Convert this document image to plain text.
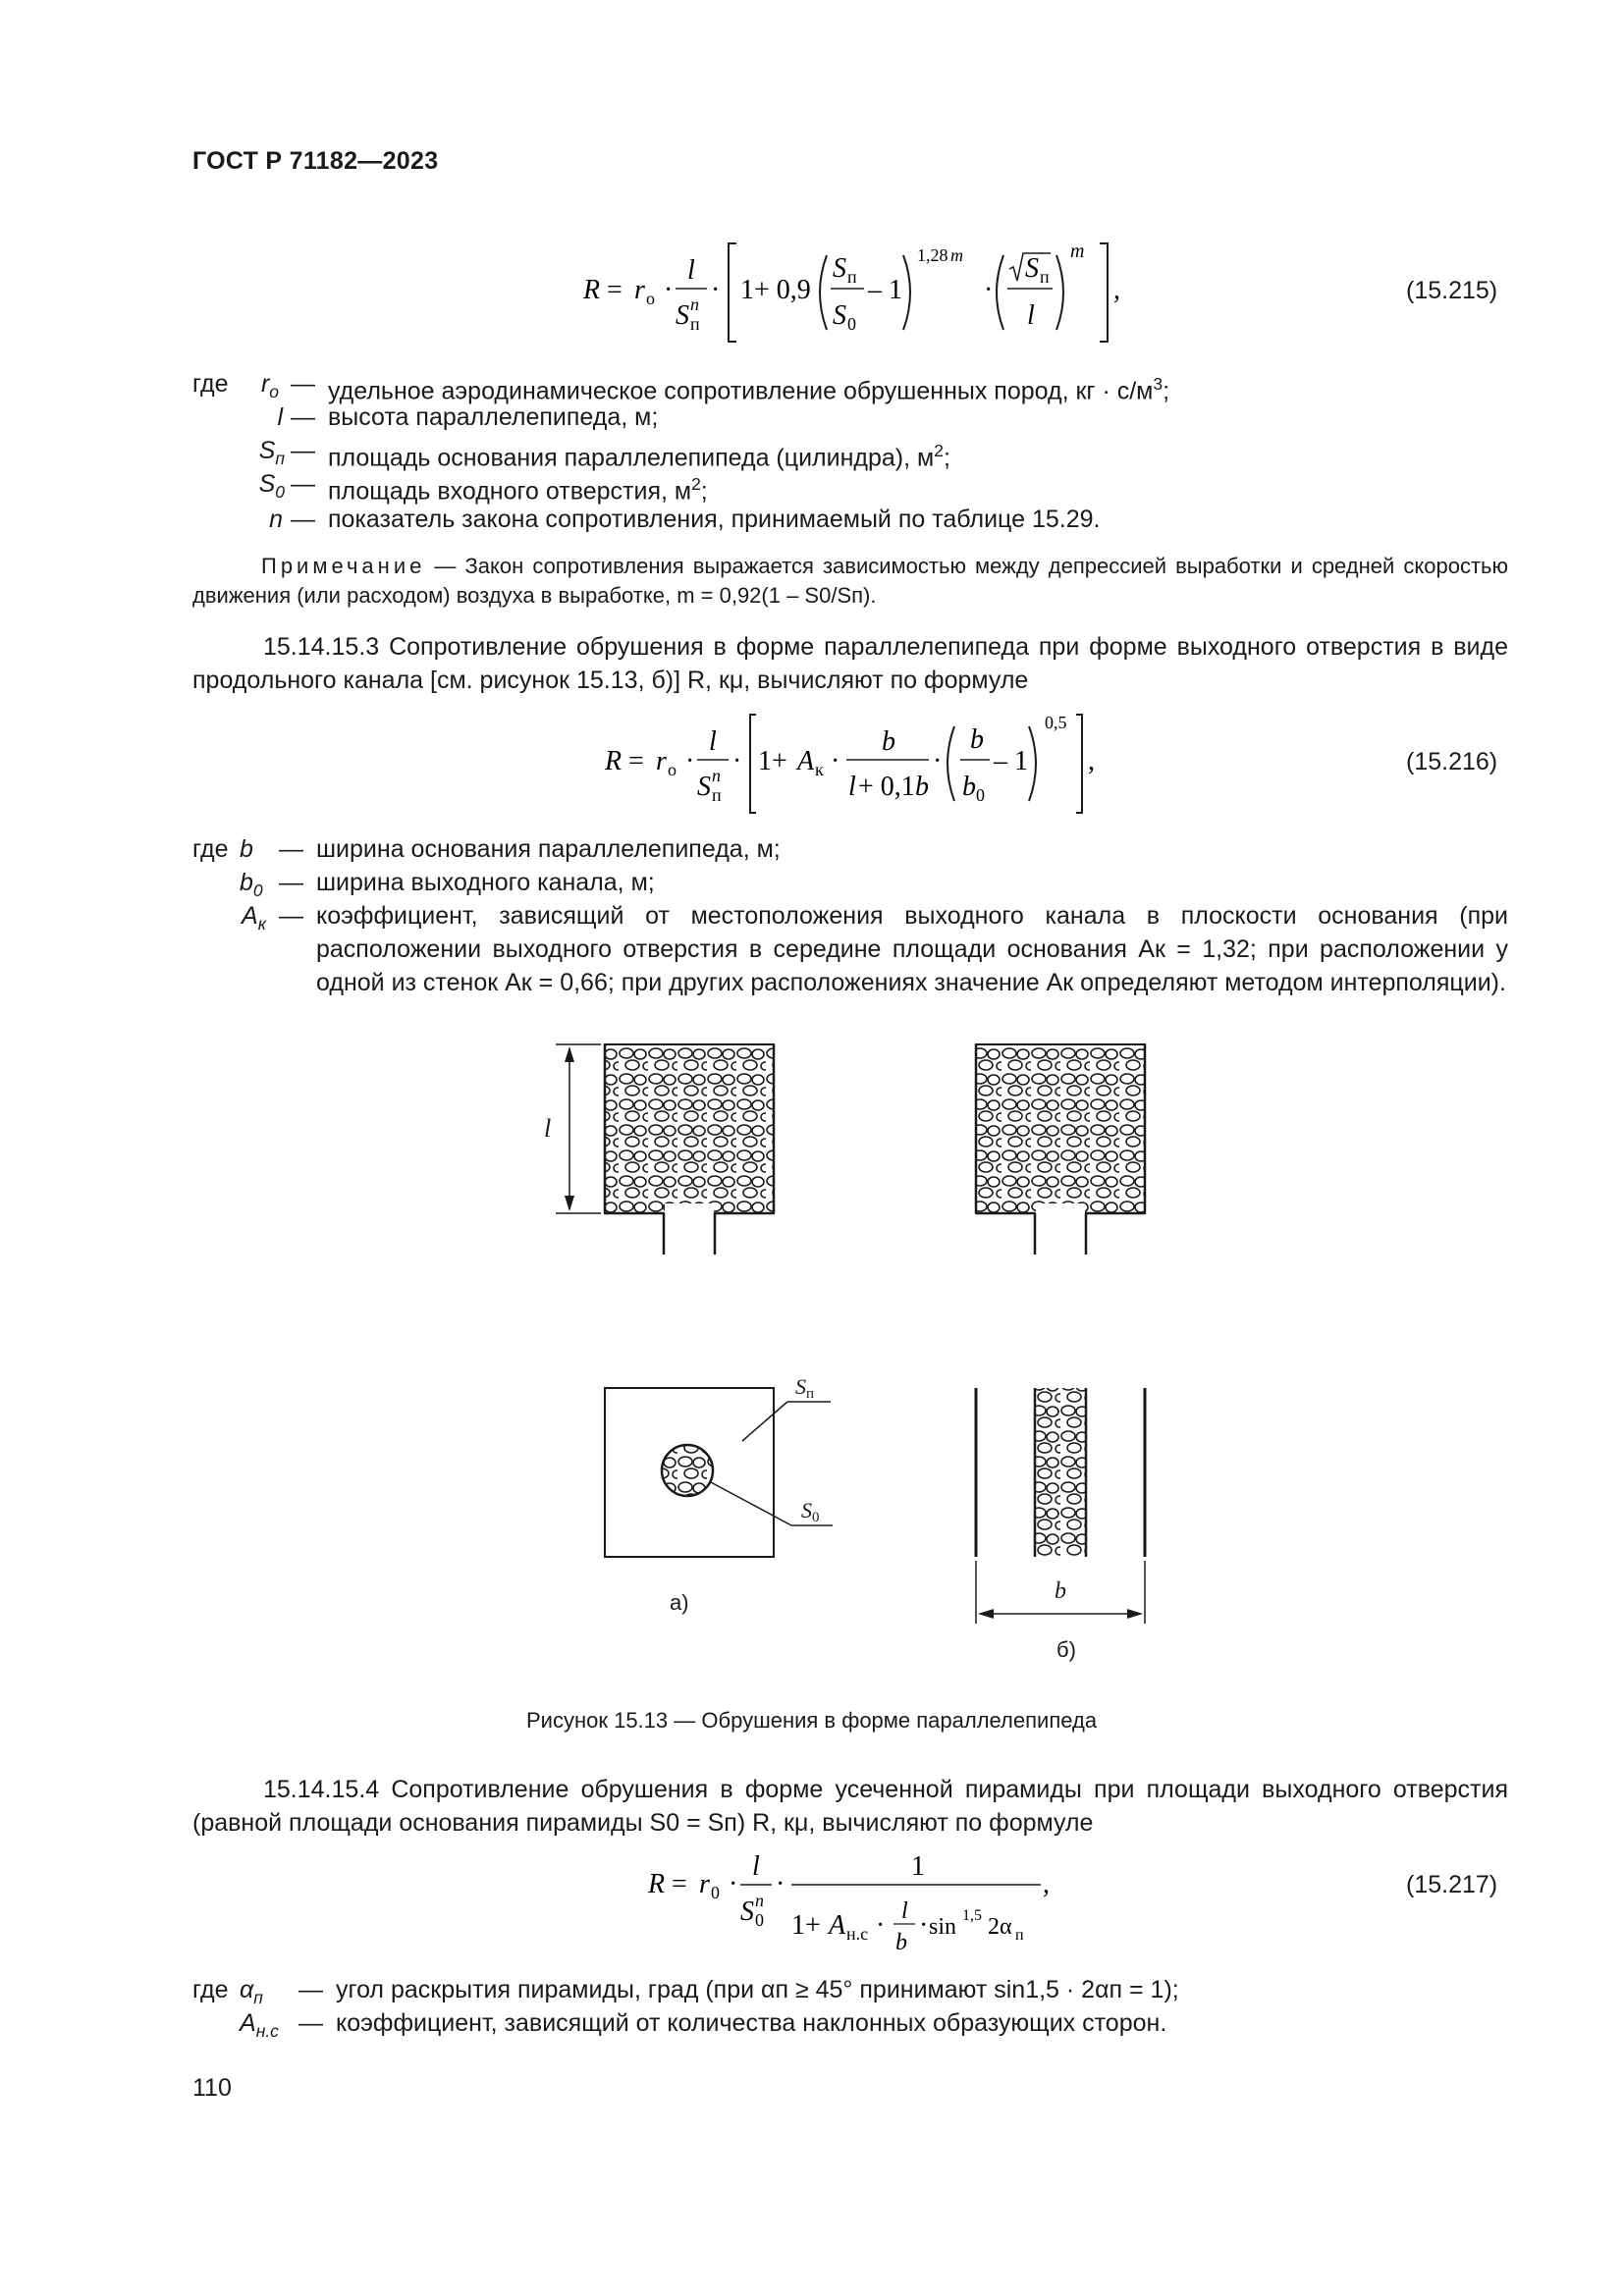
ГОСТ Р 71182—2023
R = r о ·
l
S п
n · 1+ 0,9
S п
S 0
– 1
1,28 m
·
S п
l
m
,	(15.215)
где	$r_о$ — удельное аэродинамическое сопротивление обрушенных пород, кг · $с/м^3$;
l — высота параллелепипеда, м;
$S_п$ — площадь основания параллелепипеда (цилиндра), $м^2$;
$S_0$ — площадь входного отверстия, $м^2$;
n — показатель закона сопротивления, принимаемый по таблице 15.29.
Примечание — Закон сопротивления выражается зависимостью между депрессией выработки и средней скоростью движения (или расходом) воздуха в выработке, m = 0,92(1 – S0/Sп).
15.14.15.3 Сопротивление обрушения в форме параллелепипеда при форме выходного отверстия в виде продольного канала [см. рисунок 15.13, б)] R, кμ, вычисляют по формуле
R = r о ·
l
S п
n · 1+ A к ·
b
l + 0,1 b
·
b
b 0
– 1
0,5
,	(15.216)
где b	— ширина основания параллелепипеда, м;
$b_0$ — ширина выходного канала, м;
$A_к$ — коэффициент, зависящий от местоположения выходного канала в плоскости основания (при расположении выходного отверстия в середине площади основания Aк = 1,32; при расположении у одной из стенок Aк = 0,66; при других расположениях значение Aк определяют методом интерполяции).
l
Sп
S0
а)	b
б)
Рисунок 15.13 — Обрушения в форме параллелепипеда
15.14.15.4 Сопротивление обрушения в форме усеченной пирамиды при площади выходного отверстия (равной площади основания пирамиды S0 = Sп) R, кμ, вычисляют по формуле
R = r 0 ·
l
S 0
n
·
1
1+ A н.с · l
b
· sin 1,5 2α п
,	(15.217)
где $\alpha_п$	— угол раскрытия пирамиды, град (при αп ≥ 45° принимают sin1,5 · 2αп = 1);
$A_{н.с}$ — коэффициент, зависящий от количества наклонных образующих сторон.
110
